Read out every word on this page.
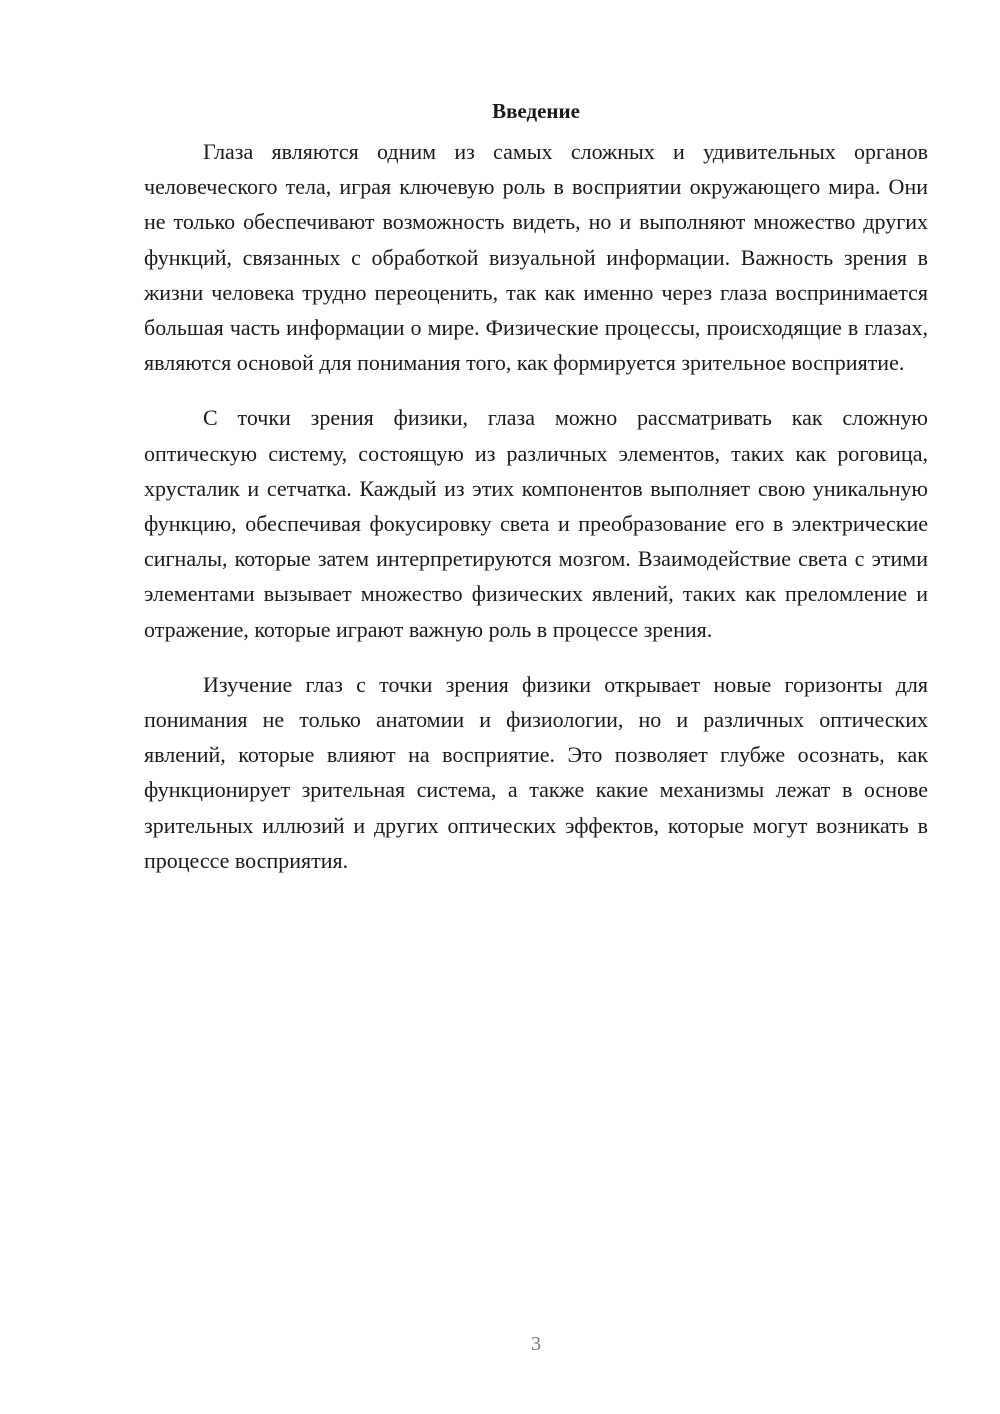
Введение

Глаза являются одним из самых сложных и удивительных органов человеческого тела, играя ключевую роль в восприятии окружающего мира. Они не только обеспечивают возможность видеть, но и выполняют множество других функций, связанных с обработкой визуальной информации. Важность зрения в жизни человека трудно переоценить, так как именно через глаза воспринимается большая часть информации о мире. Физические процессы, происходящие в глазах, являются основой для понимания того, как формируется зрительное восприятие.

С точки зрения физики, глаза можно рассматривать как сложную оптическую систему, состоящую из различных элементов, таких как роговица, хрусталик и сетчатка. Каждый из этих компонентов выполняет свою уникальную функцию, обеспечивая фокусировку света и преобразование его в электрические сигналы, которые затем интерпретируются мозгом. Взаимодействие света с этими элементами вызывает множество физических явлений, таких как преломление и отражение, которые играют важную роль в процессе зрения.

Изучение глаз с точки зрения физики открывает новые горизонты для понимания не только анатомии и физиологии, но и различных оптических явлений, которые влияют на восприятие. Это позволяет глубже осознать, как функционирует зрительная система, а также какие механизмы лежат в основе зрительных иллюзий и других оптических эффектов, которые могут возникать в процессе восприятия.

3
